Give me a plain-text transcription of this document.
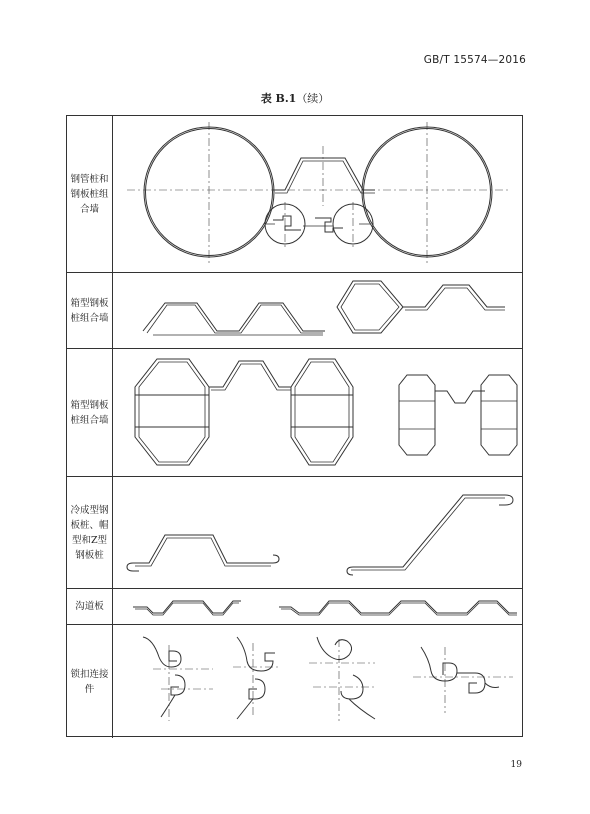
GB/T 15574—2016
表 B.1（续）
钢管桩和钢板桩组合墙
箱型钢板桩组合墙
箱型钢板桩组合墙
冷成型钢板桩、帽型和Z型钢板桩
沟道板
锁扣连接件
19
